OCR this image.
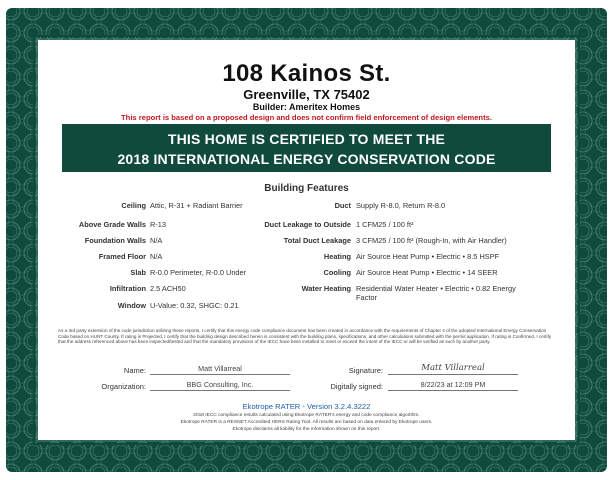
108 Kainos St.
Greenville, TX 75402
Builder: Ameritex Homes
This report is based on a proposed design and does not confirm field enforcement of design elements.
THIS HOME IS CERTIFIED TO MEET THE
2018 INTERNATIONAL ENERGY CONSERVATION CODE
Building Features
Ceiling Attic, R-31 + Radiant Barrier
Above Grade Walls R-13
Foundation Walls N/A
Framed Floor N/A
Slab R-0.0 Perimeter, R-0.0 Under
Infiltration 2.5 ACH50
Window U-Value: 0.32, SHGC: 0.21
Duct Supply R-8.0, Return R-8.0
Duct Leakage to Outside 1 CFM25 / 100 ft²
Total Duct Leakage 3 CFM25 / 100 ft² (Rough-In, with Air Handler)
Heating Air Source Heat Pump • Electric • 8.5 HSPF
Cooling Air Source Heat Pump • Electric • 14 SEER
Water Heating Residential Water Heater • Electric • 0.82 Energy Factor
As a 3rd party extension of the code jurisdiction utilizing these reports, I certify that this energy code compliance document has been created in accordance with the requirements of Chapter 4 of the adopted International Energy Conservation Code based on HUNT County. If rating is Projected, I certify that the building design described herein is consistent with the building plans, specifications, and other calculations submitted with the permit application. If rating is Confirmed, I certify that the address referenced above has been inspected/tested and that the mandatory provisions of the IECC have been installed to meet or exceed the intent of the IECC or will be verified as such by another party.
Name:	Matt Villarreal	Signature:	Matt Villarreal
Organization:	BBG Consulting, Inc.	Digitally signed:	8/22/23 at 12:09 PM
Ekotrope RATER - Version 3.2.4.3222
2018 IECC compliance results calculated using Ekotrope RATER's energy and code compliance algorithm.
Ekotrope RATER is a RESNET Accredited HERS Rating Tool. All results are based on data entered by Ekotrope users.
Ekotrope disclaims all liability for the information shown on this report.
